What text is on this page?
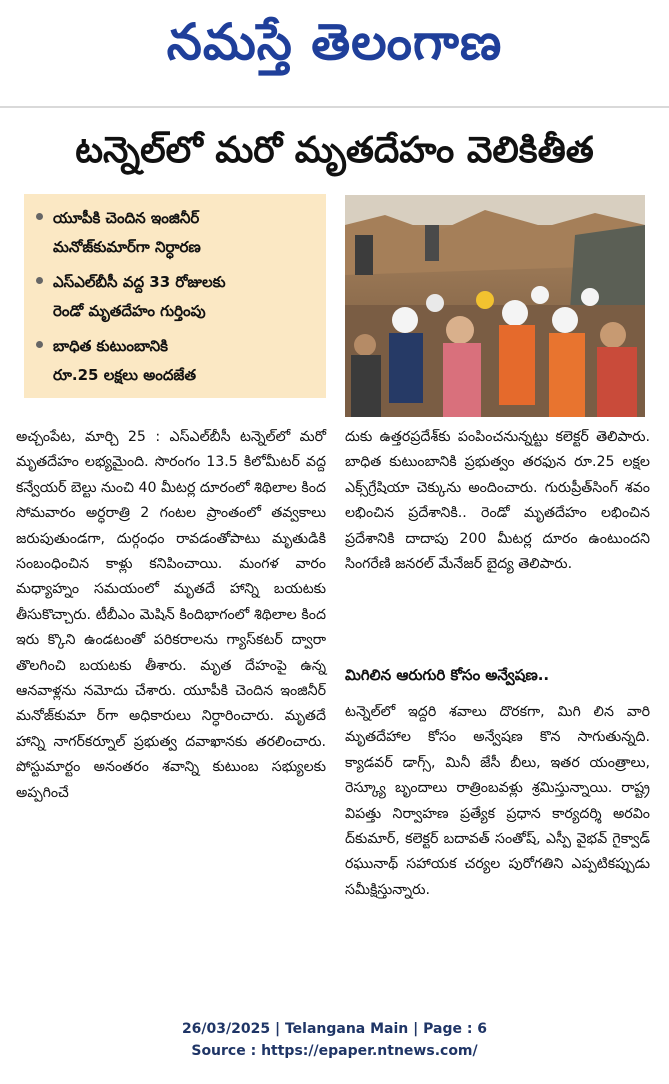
నమస్తే తెలంగాణ
టన్నెల్‌లో మరో మృతదేహం వెలికితీత
యూపీకి చెందిన ఇంజినీర్
మనోజ్‌కుమార్‌గా నిర్ధారణ
ఎస్‌ఎల్‌బీసీ వద్ద 33 రోజులకు
రెండో మృతదేహం గుర్తింపు
బాధిత కుటుంబానికి
రూ.25 లక్షలు అందజేత

అచ్చంపేట, మార్చి 25 : ఎస్‌ఎల్‌బీసీ టన్నెల్‌లో మరో మృతదేహం లభ్యమైంది. సొరంగం 13.5 కిలోమీటర్ వద్ద కన్వేయర్ బెల్టు నుంచి 40 మీటర్ల దూరంలో శిథిలాల కింద సోమవారం అర్ధరాత్రి 2 గంటల ప్రాంతంలో తవ్వకాలు జరుపుతుండగా, దుర్గంధం రావడంతోపాటు మృతుడికి సంబంధించిన కాళ్లు కనిపించాయి. మంగళ వారం మధ్యాహ్నం సమయంలో మృతదే హాన్ని బయటకు తీసుకొచ్చారు. టీబీఎం మెషిన్ కిందిభాగంలో శిథిలాల కింద ఇరు క్కొని ఉండటంతో పరికరాలను గ్యాస్‌కటర్ ద్వారా తొలగించి బయటకు తీశారు. మృత దేహంపై ఉన్న ఆనవాళ్లను నమోదు చేశారు. యూపీకి చెందిన ఇంజినీర్ మనోజ్‌కుమా ర్‌గా అధికారులు నిర్ధారించారు. మృతదే హాన్ని నాగర్‌కర్నూల్ ప్రభుత్వ దవాఖానకు తరలించారు. పోస్టుమార్టం అనంతరం శవాన్ని కుటుంబ సభ్యులకు అప్పగించే

దుకు ఉత్తరప్రదేశ్‌కు పంపించనున్నట్టు కలెక్టర్ తెలిపారు. బాధిత కుటుంబానికి ప్రభుత్వం తరఫున రూ.25 లక్షల ఎక్స్‌గ్రేషియా చెక్కును అందించారు. గురుప్రీత్‌సింగ్ శవం లభించిన ప్రదేశానికి.. రెండో మృతదేహం లభించిన ప్రదేశానికి దాదాపు 200 మీటర్ల దూరం ఉంటుందని సింగరేణి జనరల్ మేనేజర్ బైద్య తెలిపారు.

మిగిలిన ఆరుగురి కోసం అన్వేషణ..

టన్నెల్‌లో ఇద్దరి శవాలు దొరకగా, మిగి లిన వారి మృతదేహాల కోసం అన్వేషణ కొన సాగుతున్నది. క్యాడవర్ డాగ్స్, మినీ జేసీ బీలు, ఇతర యంత్రాలు, రెస్క్యూ బృందాలు రాత్రింబవళ్లు శ్రమిస్తున్నాయి. రాష్ట్ర విపత్తు నిర్వాహణ ప్రత్యేక ప్రధాన కార్యదర్శి అరవిం ద్‌కుమార్, కలెక్టర్ బదావత్ సంతోష్, ఎస్పీ వైభవ్ గైక్వాడ్ రఘునాథ్ సహాయక చర్యల పురోగతిని ఎప్పటికప్పుడు సమీక్షిస్తున్నారు.

26/03/2025 | Telangana Main | Page : 6
Source : https://epaper.ntnews.com/
